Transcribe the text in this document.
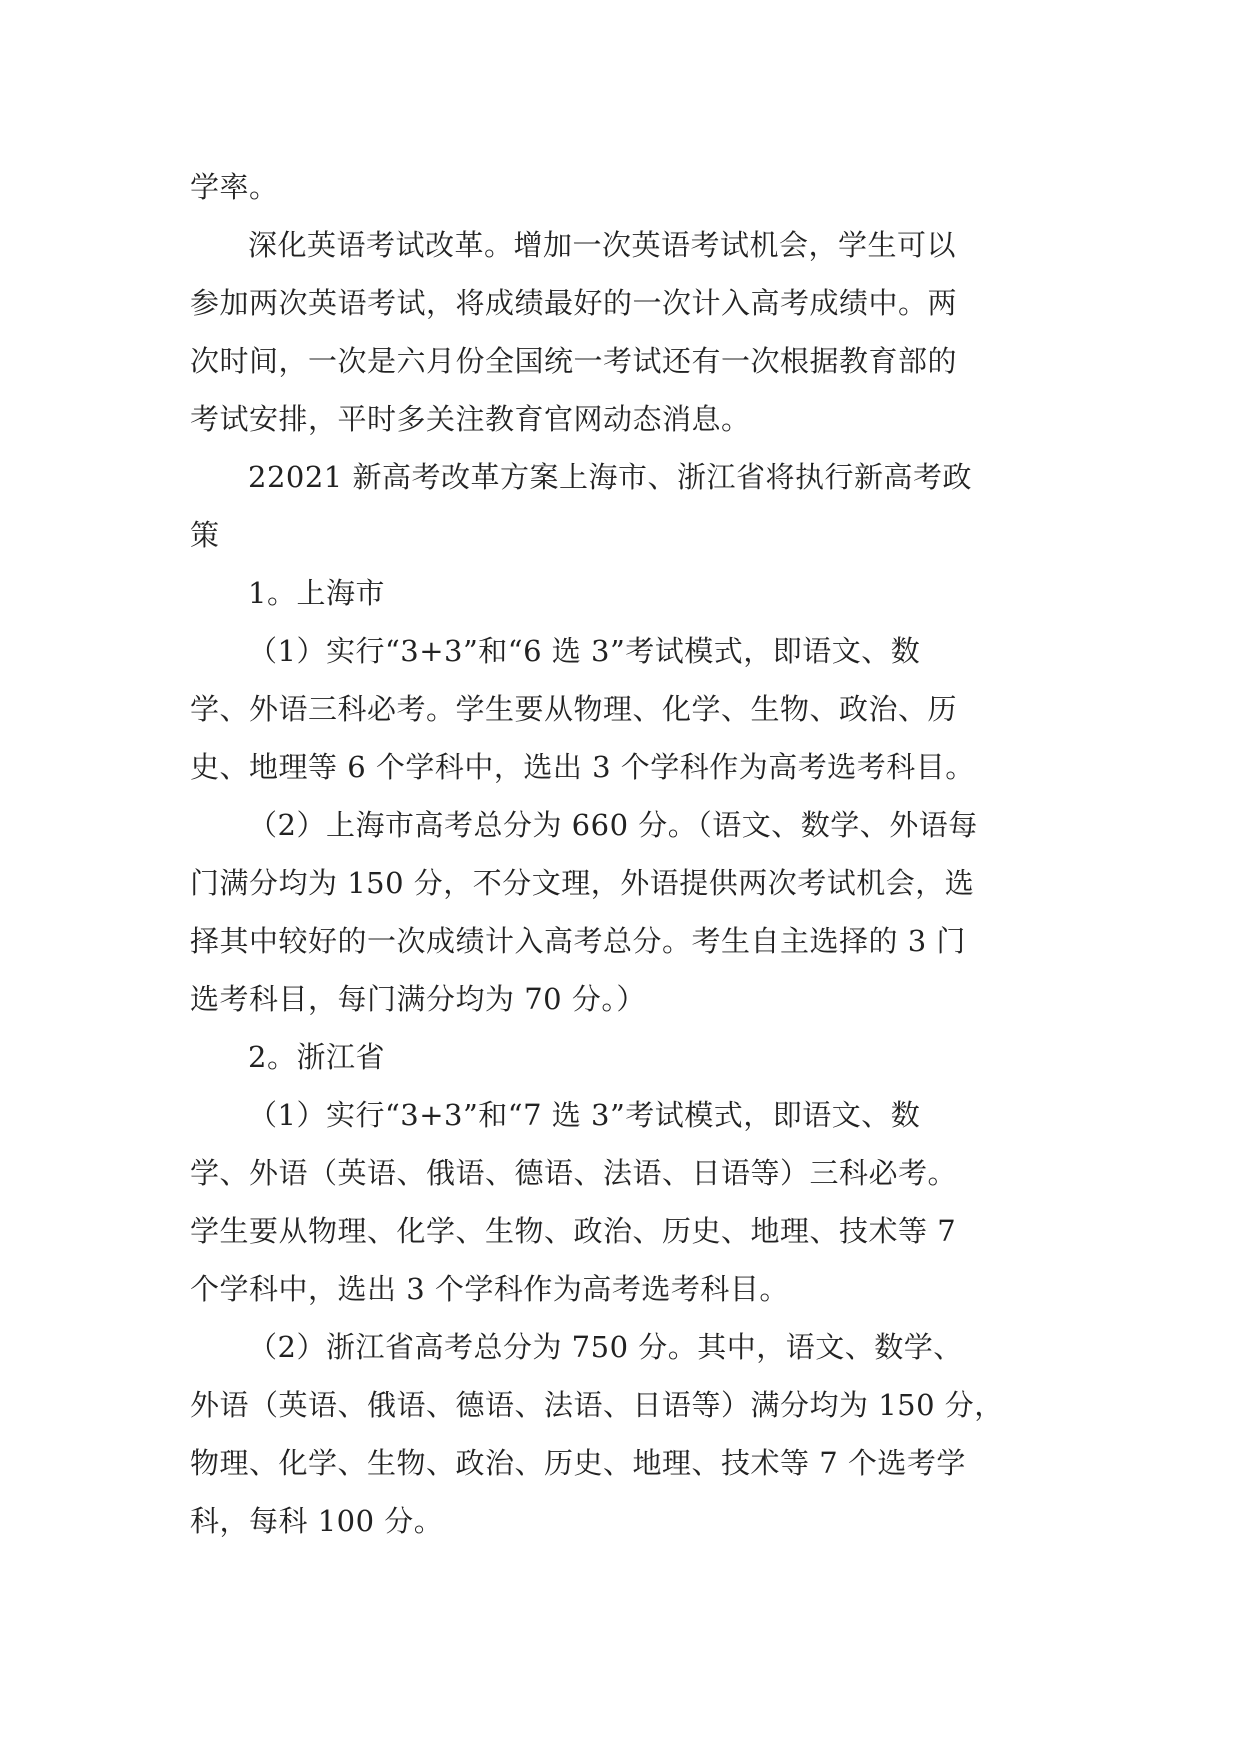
学率。
深化英语考试改革。增加一次英语考试机会，学生可以
参加两次英语考试，将成绩最好的一次计入高考成绩中。两
次时间，一次是六月份全国统一考试还有一次根据教育部的
考试安排，平时多关注教育官网动态消息。
22021 新高考改革方案上海市、浙江省将执行新高考政
策
1。上海市
（1）实行“3+3”和“6 选 3”考试模式，即语文、数
学、外语三科必考。学生要从物理、化学、生物、政治、历
史、地理等 6 个学科中，选出 3 个学科作为高考选考科目。
（2）上海市高考总分为 660 分。（语文、数学、外语每
门满分均为 150 分，不分文理，外语提供两次考试机会，选
择其中较好的一次成绩计入高考总分。考生自主选择的 3 门
选考科目，每门满分均为 70 分。）
2。浙江省
（1）实行“3+3”和“7 选 3”考试模式，即语文、数
学、外语（英语、俄语、德语、法语、日语等）三科必考。
学生要从物理、化学、生物、政治、历史、地理、技术等 7
个学科中，选出 3 个学科作为高考选考科目。
（2）浙江省高考总分为 750 分。其中，语文、数学、
外语（英语、俄语、德语、法语、日语等）满分均为 150 分，
物理、化学、生物、政治、历史、地理、技术等 7 个选考学
科，每科 100 分。
